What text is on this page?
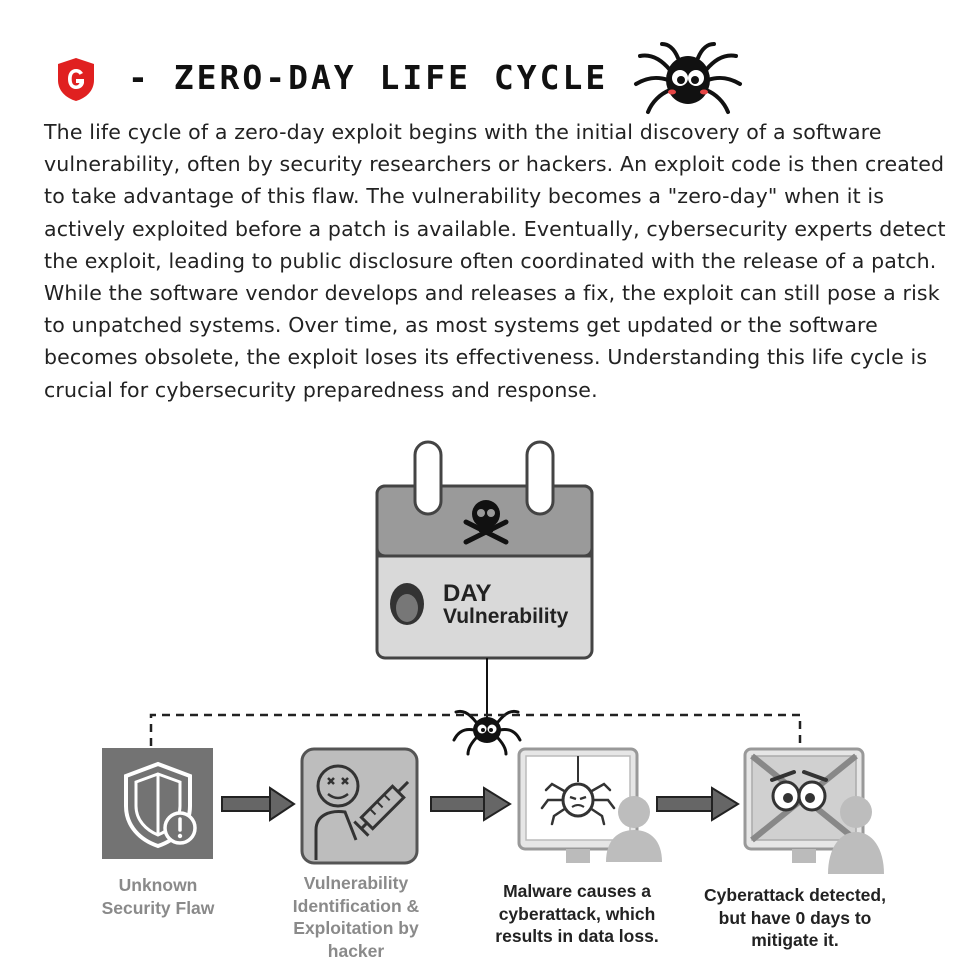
- ZERO-DAY LIFE CYCLE
The life cycle of a zero-day exploit begins with the initial discovery of a software vulnerability, often by security researchers or hackers. An exploit code is then created to take advantage of this flaw. The vulnerability becomes a "zero-day" when it is actively exploited before a patch is available. Eventually, cybersecurity experts detect the exploit, leading to public disclosure often coordinated with the release of a patch. While the software vendor develops and releases a fix, the exploit can still pose a risk to unpatched systems. Over time, as most systems get updated or the software becomes obsolete, the exploit loses its effectiveness. Understanding this life cycle is crucial for cybersecurity preparedness and response.
DAY
Vulnerability
Unknown Security Flaw
Vulnerability Identification & Exploitation by hacker
Malware causes a cyberattack, which results in data loss.
Cyberattack detected, but have 0 days to mitigate it.
